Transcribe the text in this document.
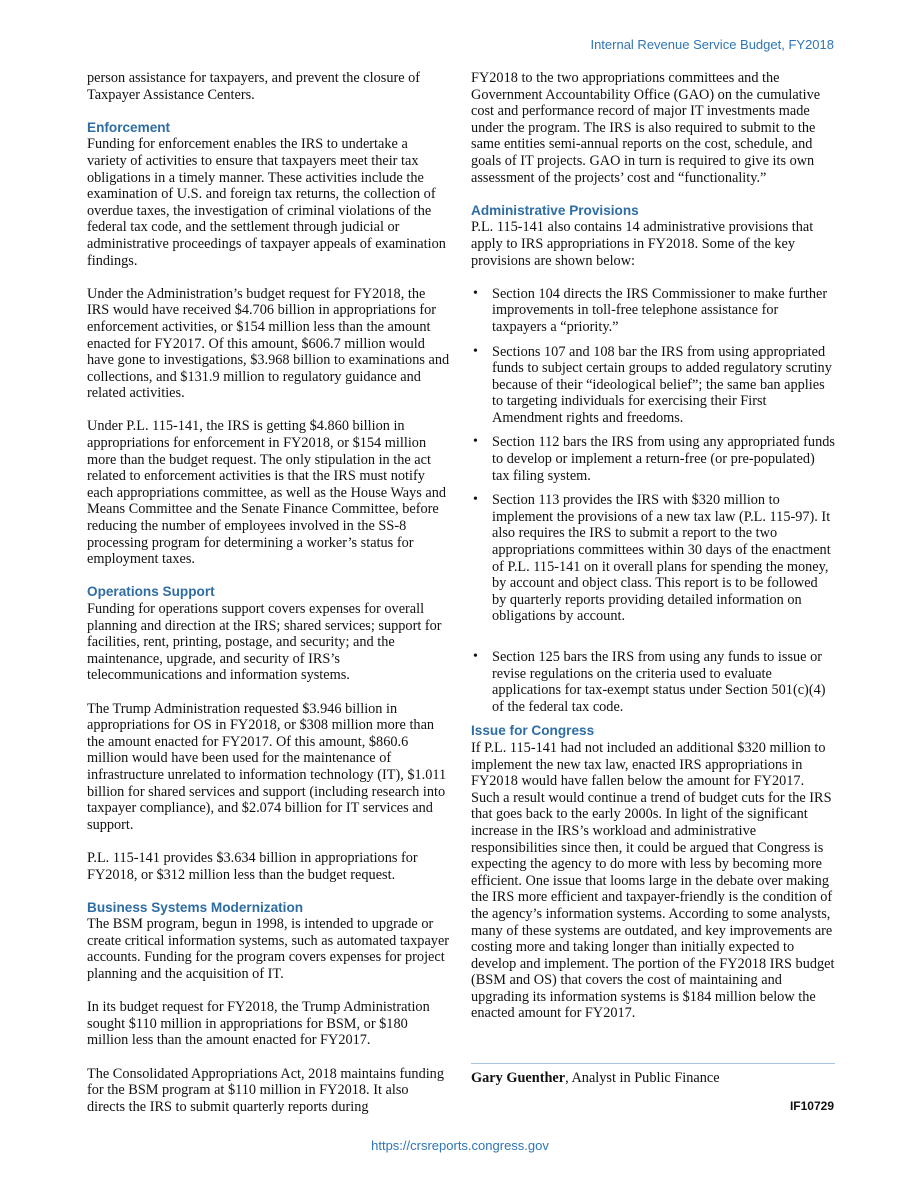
Internal Revenue Service Budget, FY2018

person assistance for taxpayers, and prevent the closure of Taxpayer Assistance Centers.

Enforcement

Funding for enforcement enables the IRS to undertake a variety of activities to ensure that taxpayers meet their tax obligations in a timely manner. These activities include the examination of U.S. and foreign tax returns, the collection of overdue taxes, the investigation of criminal violations of the federal tax code, and the settlement through judicial or administrative proceedings of taxpayer appeals of examination findings.

Under the Administration’s budget request for FY2018, the IRS would have received $4.706 billion in appropriations for enforcement activities, or $154 million less than the amount enacted for FY2017. Of this amount, $606.7 million would have gone to investigations, $3.968 billion to examinations and collections, and $131.9 million to regulatory guidance and related activities.

Under P.L. 115-141, the IRS is getting $4.860 billion in appropriations for enforcement in FY2018, or $154 million more than the budget request. The only stipulation in the act related to enforcement activities is that the IRS must notify each appropriations committee, as well as the House Ways and Means Committee and the Senate Finance Committee, before reducing the number of employees involved in the SS-8 processing program for determining a worker’s status for employment taxes.

Operations Support

Funding for operations support covers expenses for overall planning and direction at the IRS; shared services; support for facilities, rent, printing, postage, and security; and the maintenance, upgrade, and security of IRS’s telecommunications and information systems.

The Trump Administration requested $3.946 billion in appropriations for OS in FY2018, or $308 million more than the amount enacted for FY2017. Of this amount, $860.6 million would have been used for the maintenance of infrastructure unrelated to information technology (IT), $1.011 billion for shared services and support (including research into taxpayer compliance), and $2.074 billion for IT services and support.

P.L. 115-141 provides $3.634 billion in appropriations for FY2018, or $312 million less than the budget request.

Business Systems Modernization

The BSM program, begun in 1998, is intended to upgrade or create critical information systems, such as automated taxpayer accounts. Funding for the program covers expenses for project planning and the acquisition of IT.

In its budget request for FY2018, the Trump Administration sought $110 million in appropriations for BSM, or $180 million less than the amount enacted for FY2017.

The Consolidated Appropriations Act, 2018 maintains funding for the BSM program at $110 million in FY2018. It also directs the IRS to submit quarterly reports during

FY2018 to the two appropriations committees and the Government Accountability Office (GAO) on the cumulative cost and performance record of major IT investments made under the program. The IRS is also required to submit to the same entities semi-annual reports on the cost, schedule, and goals of IT projects. GAO in turn is required to give its own assessment of the projects’ cost and “functionality.”

Administrative Provisions

P.L. 115-141 also contains 14 administrative provisions that apply to IRS appropriations in FY2018. Some of the key provisions are shown below:

• Section 104 directs the IRS Commissioner to make further improvements in toll-free telephone assistance for taxpayers a “priority.”
• Sections 107 and 108 bar the IRS from using appropriated funds to subject certain groups to added regulatory scrutiny because of their “ideological belief”; the same ban applies to targeting individuals for exercising their First Amendment rights and freedoms.
• Section 112 bars the IRS from using any appropriated funds to develop or implement a return-free (or pre-populated) tax filing system.
• Section 113 provides the IRS with $320 million to implement the provisions of a new tax law (P.L. 115-97). It also requires the IRS to submit a report to the two appropriations committees within 30 days of the enactment of P.L. 115-141 on it overall plans for spending the money, by account and object class. This report is to be followed by quarterly reports providing detailed information on obligations by account.
• Section 125 bars the IRS from using any funds to issue or revise regulations on the criteria used to evaluate applications for tax-exempt status under Section 501(c)(4) of the federal tax code.
Issue for Congress

If P.L. 115-141 had not included an additional $320 million to implement the new tax law, enacted IRS appropriations in FY2018 would have fallen below the amount for FY2017. Such a result would continue a trend of budget cuts for the IRS that goes back to the early 2000s. In light of the significant increase in the IRS’s workload and administrative responsibilities since then, it could be argued that Congress is expecting the agency to do more with less by becoming more efficient. One issue that looms large in the debate over making the IRS more efficient and taxpayer-friendly is the condition of the agency’s information systems. According to some analysts, many of these systems are outdated, and key improvements are costing more and taking longer than initially expected to develop and implement. The portion of the FY2018 IRS budget (BSM and OS) that covers the cost of maintaining and upgrading its information systems is $184 million below the enacted amount for FY2017.

Gary Guenther, Analyst in Public Finance
IF10729
https://crsreports.congress.gov
